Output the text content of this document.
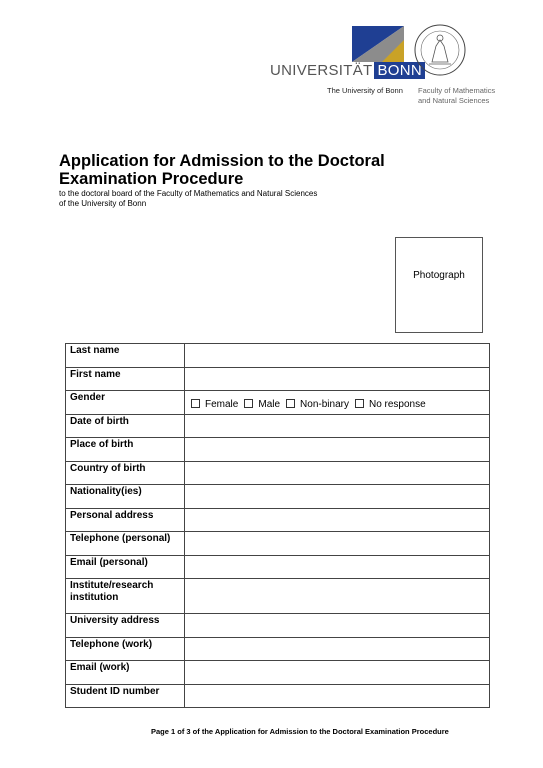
UNIVERSITÄT BONN
The University of Bonn Faculty of Mathematics
and Natural Sciences
Application for Admission to the Doctoral Examination Procedure
to the doctoral board of the Faculty of Mathematics and Natural Sciences
of the University of Bonn
Photograph
Last name	
First name	
Gender	Female Male Non-binary No response

Date of birth	
Place of birth	
Country of birth	
Nationality(ies)	
Personal address	
Telephone (personal)	
Email (personal)	
Institute/research institution	
University address	
Telephone (work)	
Email (work)	
Student ID number	
Page 1 of 3 of the Application for Admission to the Doctoral Examination Procedure
